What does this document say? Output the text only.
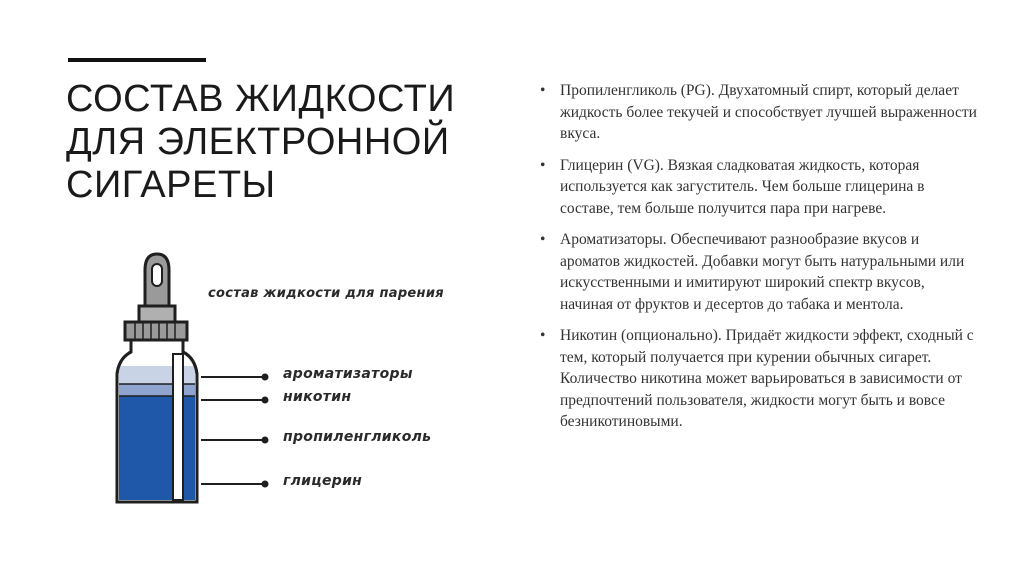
СОСТАВ ЖИДКОСТИ
ДЛЯ ЭЛЕКТРОННОЙ
СИГАРЕТЫ
состав жидкости для парения
ароматизаторы
никотин
пропиленгликоль
глицерин
• Пропиленгликоль (PG). Двухатомный спирт, который делает жидкость более текучей и способствует лучшей выраженности вкуса.
• Глицерин (VG). Вязкая сладковатая жидкость, которая используется как загуститель. Чем больше глицерина в составе, тем больше получится пара при нагреве.
• Ароматизаторы. Обеспечивают разнообразие вкусов и ароматов жидкостей. Добавки могут быть натуральными или искусственными и имитируют широкий спектр вкусов, начиная от фруктов и десертов до табака и ментола.
• Никотин (опционально). Придаёт жидкости эффект, сходный с тем, который получается при курении обычных сигарет. Количество никотина может варьироваться в зависимости от предпочтений пользователя, жидкости могут быть и вовсе безникотиновыми.
